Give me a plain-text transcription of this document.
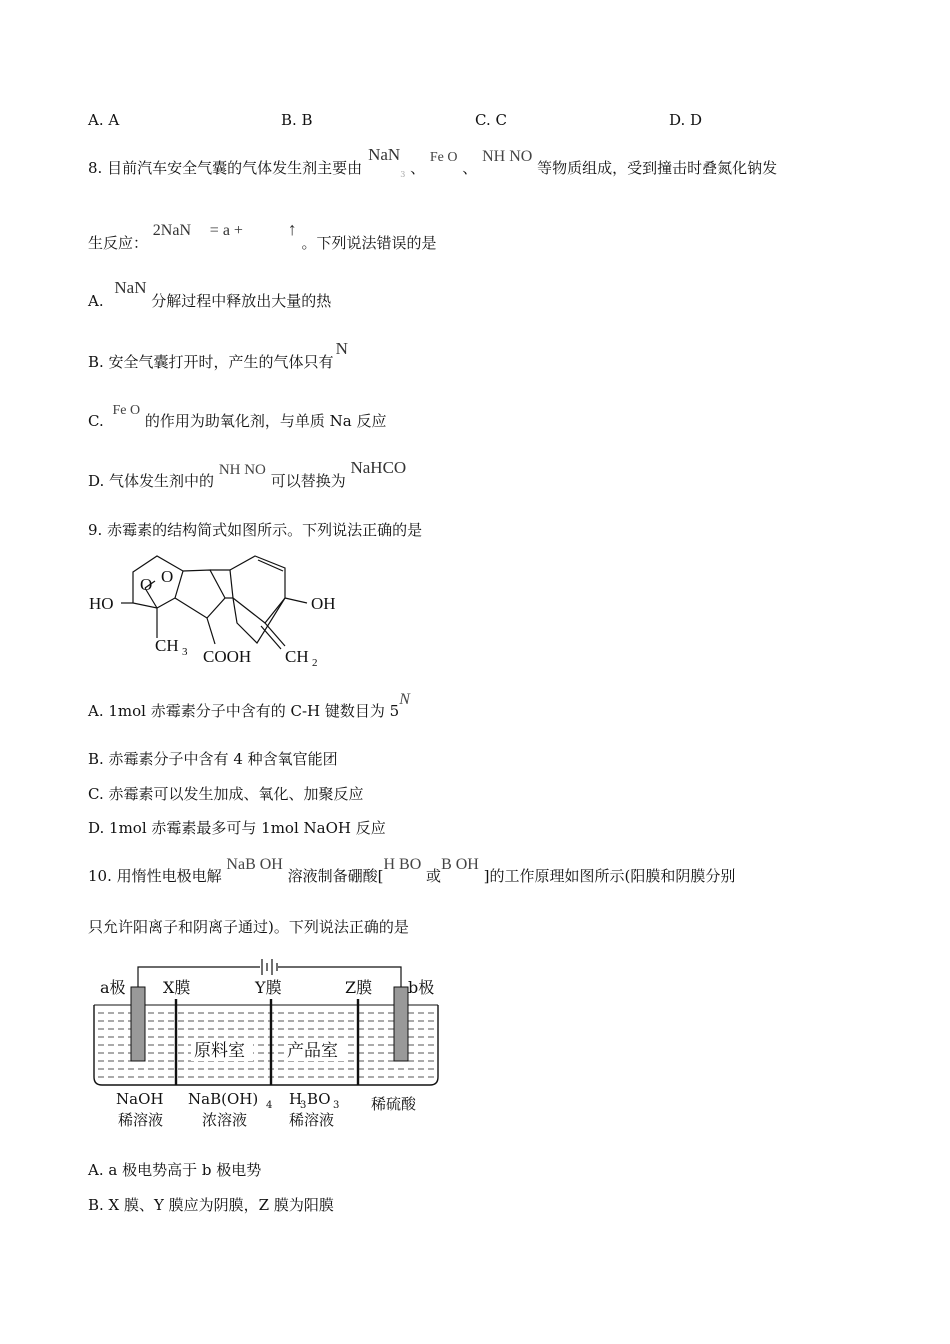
A. A	B. B	C. C	D. D
8. 目前汽车安全气囊的气体发生剂主要由NaN$_3$ 、 Fe O 、 NH NO 等物质组成，受到撞击时叠氮化钠发
生反应： 2NaN = a + ↑ 。下列说法错误的是
A. NaN 分解过程中释放出大量的热
B. 安全气囊打开时，产生的气体只有N
C. Fe O 的作用为助氧化剂，与单质 Na 反应
D. 气体发生剂中的 NH NO 可以替换为 NaHCO
9. 赤霉素的结构简式如图所示。下列说法正确的是
O O
HO	OH
CH 3 COOH CH 2
A. 1mol 赤霉素分子中含有的 C-H 键数目为 5N
B. 赤霉素分子中含有 4 种含氧官能团
C. 赤霉素可以发生加成、氧化、加聚反应
D. 1mol 赤霉素最多可与 1mol NaOH 反应
10. 用惰性电极电解 NaB OH 溶液制备硼酸[H BO 或B OH ]的工作原理如图所示(阳膜和阴膜分别
只允许阳离子和阴离子通过)。下列说法正确的是
a极	b极
X膜	Y膜	Z膜
原料室 产品室
NaOH
稀溶液
NaB(OH) 4
浓溶液
H
3 BO 3
稀溶液
稀硫酸
A. a 极电势高于 b 极电势
B. X 膜、Y 膜应为阴膜，Z 膜为阳膜
